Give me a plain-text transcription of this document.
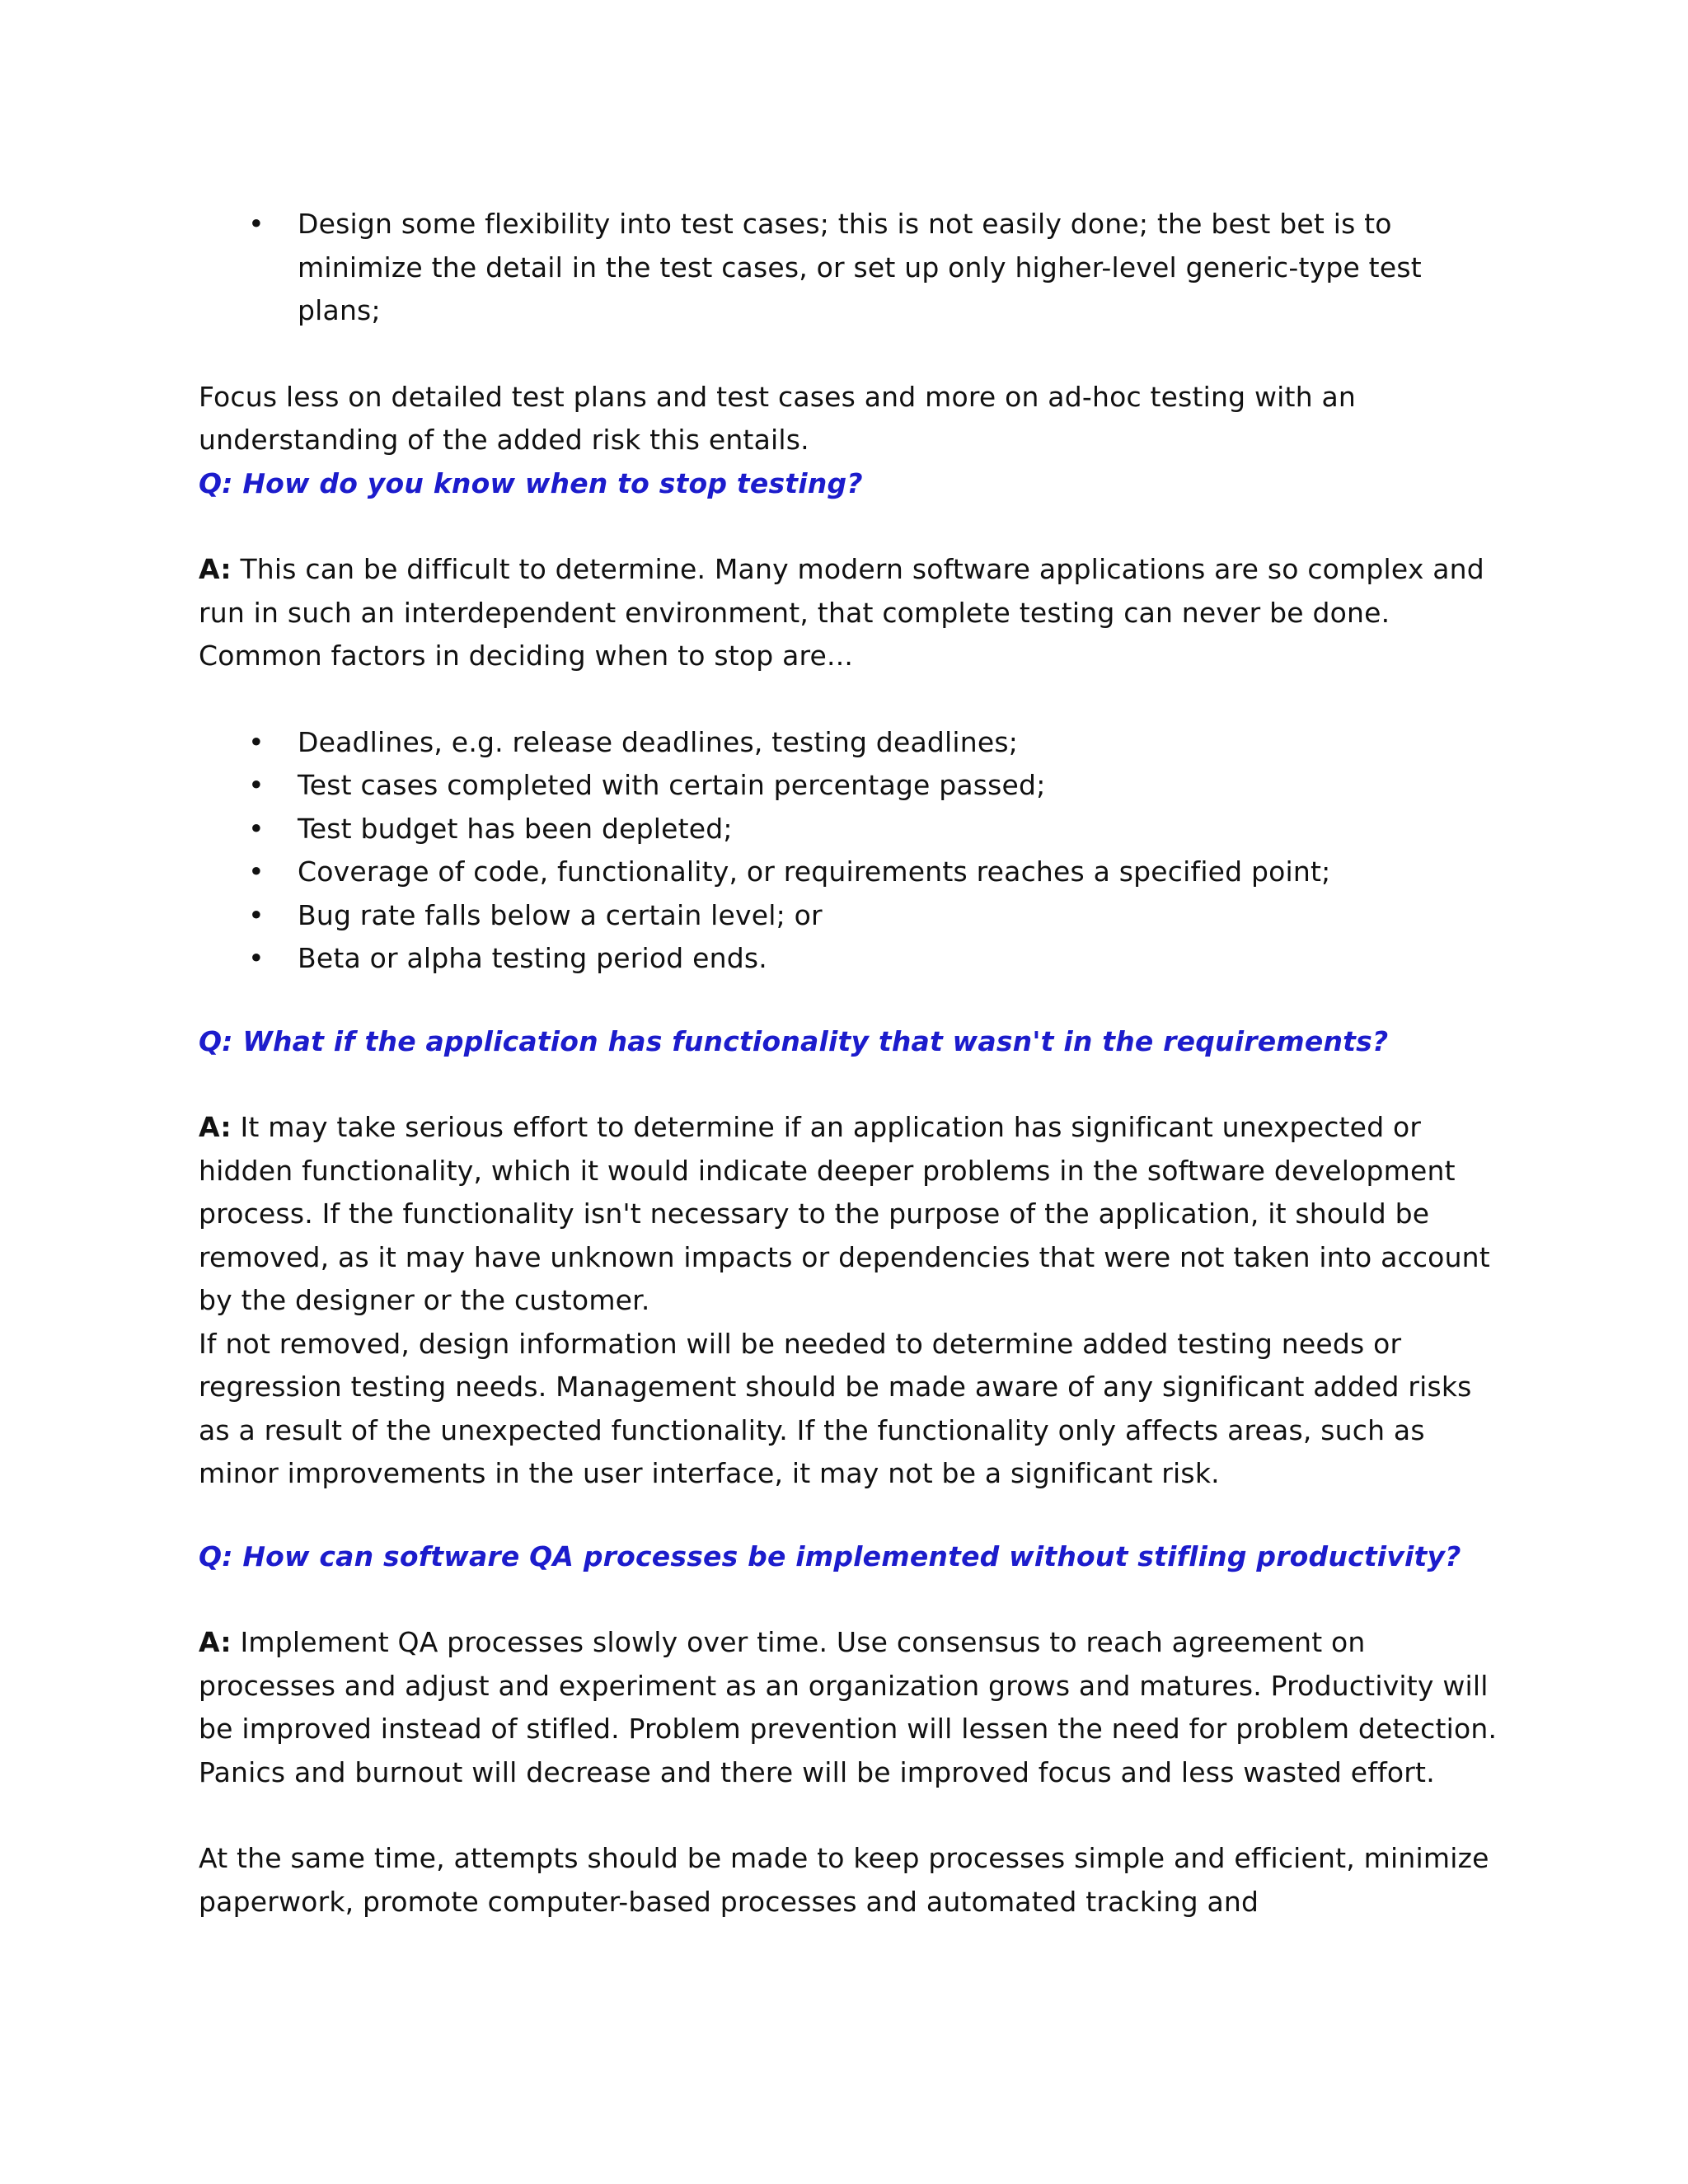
• Design some flexibility into test cases; this is not easily done; the best bet is to minimize the detail in the test cases, or set up only higher-level generic-type test plans;

Focus less on detailed test plans and test cases and more on ad-hoc testing with an understanding of the added risk this entails.

Q: How do you know when to stop testing?

A: This can be difficult to determine. Many modern software applications are so complex and run in such an interdependent environment, that complete testing can never be done. Common factors in deciding when to stop are...

• Deadlines, e.g. release deadlines, testing deadlines;
• Test cases completed with certain percentage passed;
• Test budget has been depleted;
• Coverage of code, functionality, or requirements reaches a specified point;
• Bug rate falls below a certain level; or
• Beta or alpha testing period ends.

Q: What if the application has functionality that wasn't in the requirements?

A: It may take serious effort to determine if an application has significant unexpected or hidden functionality, which it would indicate deeper problems in the software development process. If the functionality isn't necessary to the purpose of the application, it should be removed, as it may have unknown impacts or dependencies that were not taken into account by the designer or the customer.

If not removed, design information will be needed to determine added testing needs or regression testing needs. Management should be made aware of any significant added risks as a result of the unexpected functionality. If the functionality only affects areas, such as minor improvements in the user interface, it may not be a significant risk.

Q: How can software QA processes be implemented without stifling productivity?

A: Implement QA processes slowly over time. Use consensus to reach agreement on processes and adjust and experiment as an organization grows and matures. Productivity will be improved instead of stifled. Problem prevention will lessen the need for problem detection. Panics and burnout will decrease and there will be improved focus and less wasted effort.

At the same time, attempts should be made to keep processes simple and efficient, minimize paperwork, promote computer-based processes and automated tracking and
